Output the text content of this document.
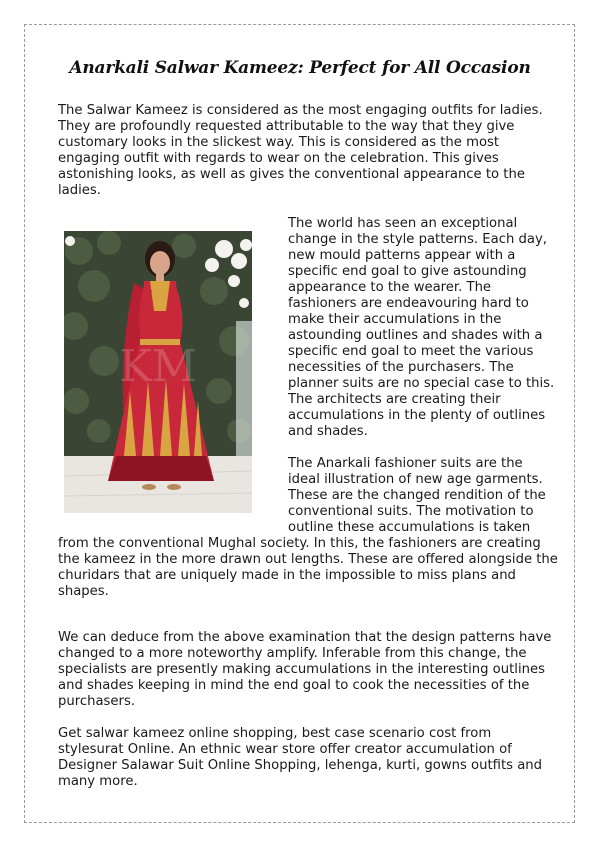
Anarkali Salwar Kameez: Perfect for All Occasion

The Salwar Kameez is considered as the most engaging outfits for ladies. They are profoundly requested attributable to the way that they give customary looks in the slickest way. This is considered as the most engaging outfit with regards to wear on the celebration. This gives astonishing looks, as well as gives the conventional appearance to the ladies.

KM

The world has seen an exceptional change in the style patterns. Each day, new mould patterns appear with a specific end goal to give astounding appearance to the wearer. The fashioners are endeavouring hard to make their accumulations in the astounding outlines and shades with a specific end goal to meet the various necessities of the purchasers. The planner suits are no special case to this. The architects are creating their accumulations in the plenty of outlines and shades.

The Anarkali fashioner suits are the ideal illustration of new age garments. These are the changed rendition of the conventional suits. The motivation to outline these accumulations is taken from the conventional Mughal society. In this, the fashioners are creating the kameez in the more drawn out lengths. These are offered alongside the churidars that are uniquely made in the impossible to miss plans and shapes.

We can deduce from the above examination that the design patterns have changed to a more noteworthy amplify. Inferable from this change, the specialists are presently making accumulations in the interesting outlines and shades keeping in mind the end goal to cook the necessities of the purchasers.

Get salwar kameez online shopping, best case scenario cost from stylesurat Online. An ethnic wear store offer creator accumulation of Designer Salawar Suit Online Shopping, lehenga, kurti, gowns outfits and many more.
